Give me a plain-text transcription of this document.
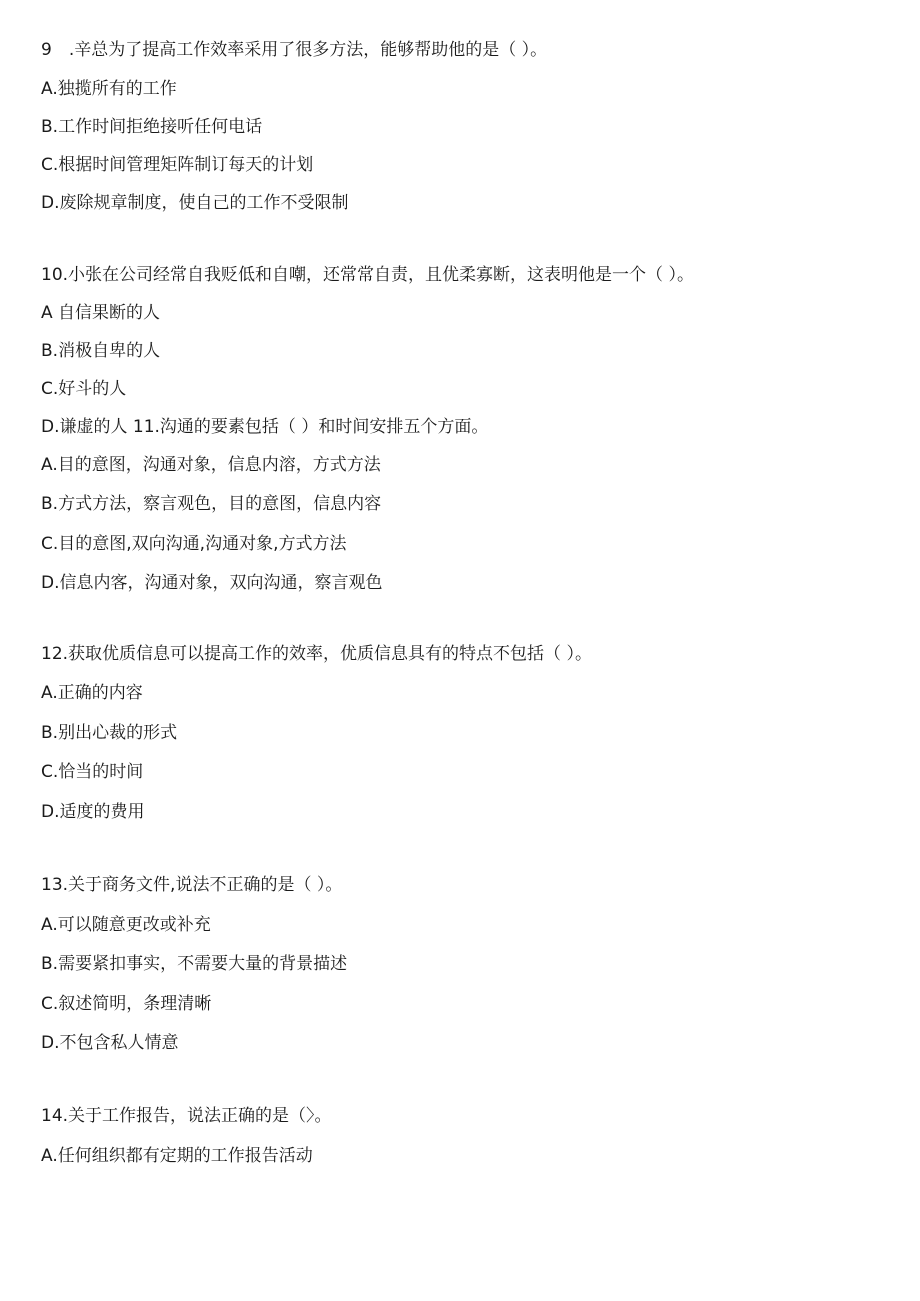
9　.辛总为了提高工作效率采用了很多方法，能够帮助他的是（ ）。
A.独揽所有的工作
B.工作时间拒绝接听任何电话
C.根据时间管理矩阵制订每天的计划
D.废除规章制度，使自己的工作不受限制
10.小张在公司经常自我贬低和自嘲，还常常自责，且优柔寡断，这表明他是一个（ ）。
A 自信果断的人
B.消极自卑的人
C.好斗的人
D.谦虚的人 11.沟通的要素包括（ ）和时间安排五个方面。
A.目的意图，沟通对象，信息内溶，方式方法
B.方式方法，察言观色，目的意图，信息内容
C.目的意图,双向沟通,沟通对象,方式方法
D.信息内客，沟通对象，双向沟通，察言观色
12.获取优质信息可以提高工作的效率，优质信息具有的特点不包括（ ）。
A.正确的内容
B.别出心裁的形式
C.恰当的时间
D.适度的费用
13.关于商务文件,说法不正确的是（ ）。
A.可以随意更改或补充
B.需要紧扣事实，不需要大量的背景描述
C.叙述简明，条理清晰
D.不包含私人情意
14.关于工作报告，说法正确的是（〉。
A.任何组织都有定期的工作报告活动
